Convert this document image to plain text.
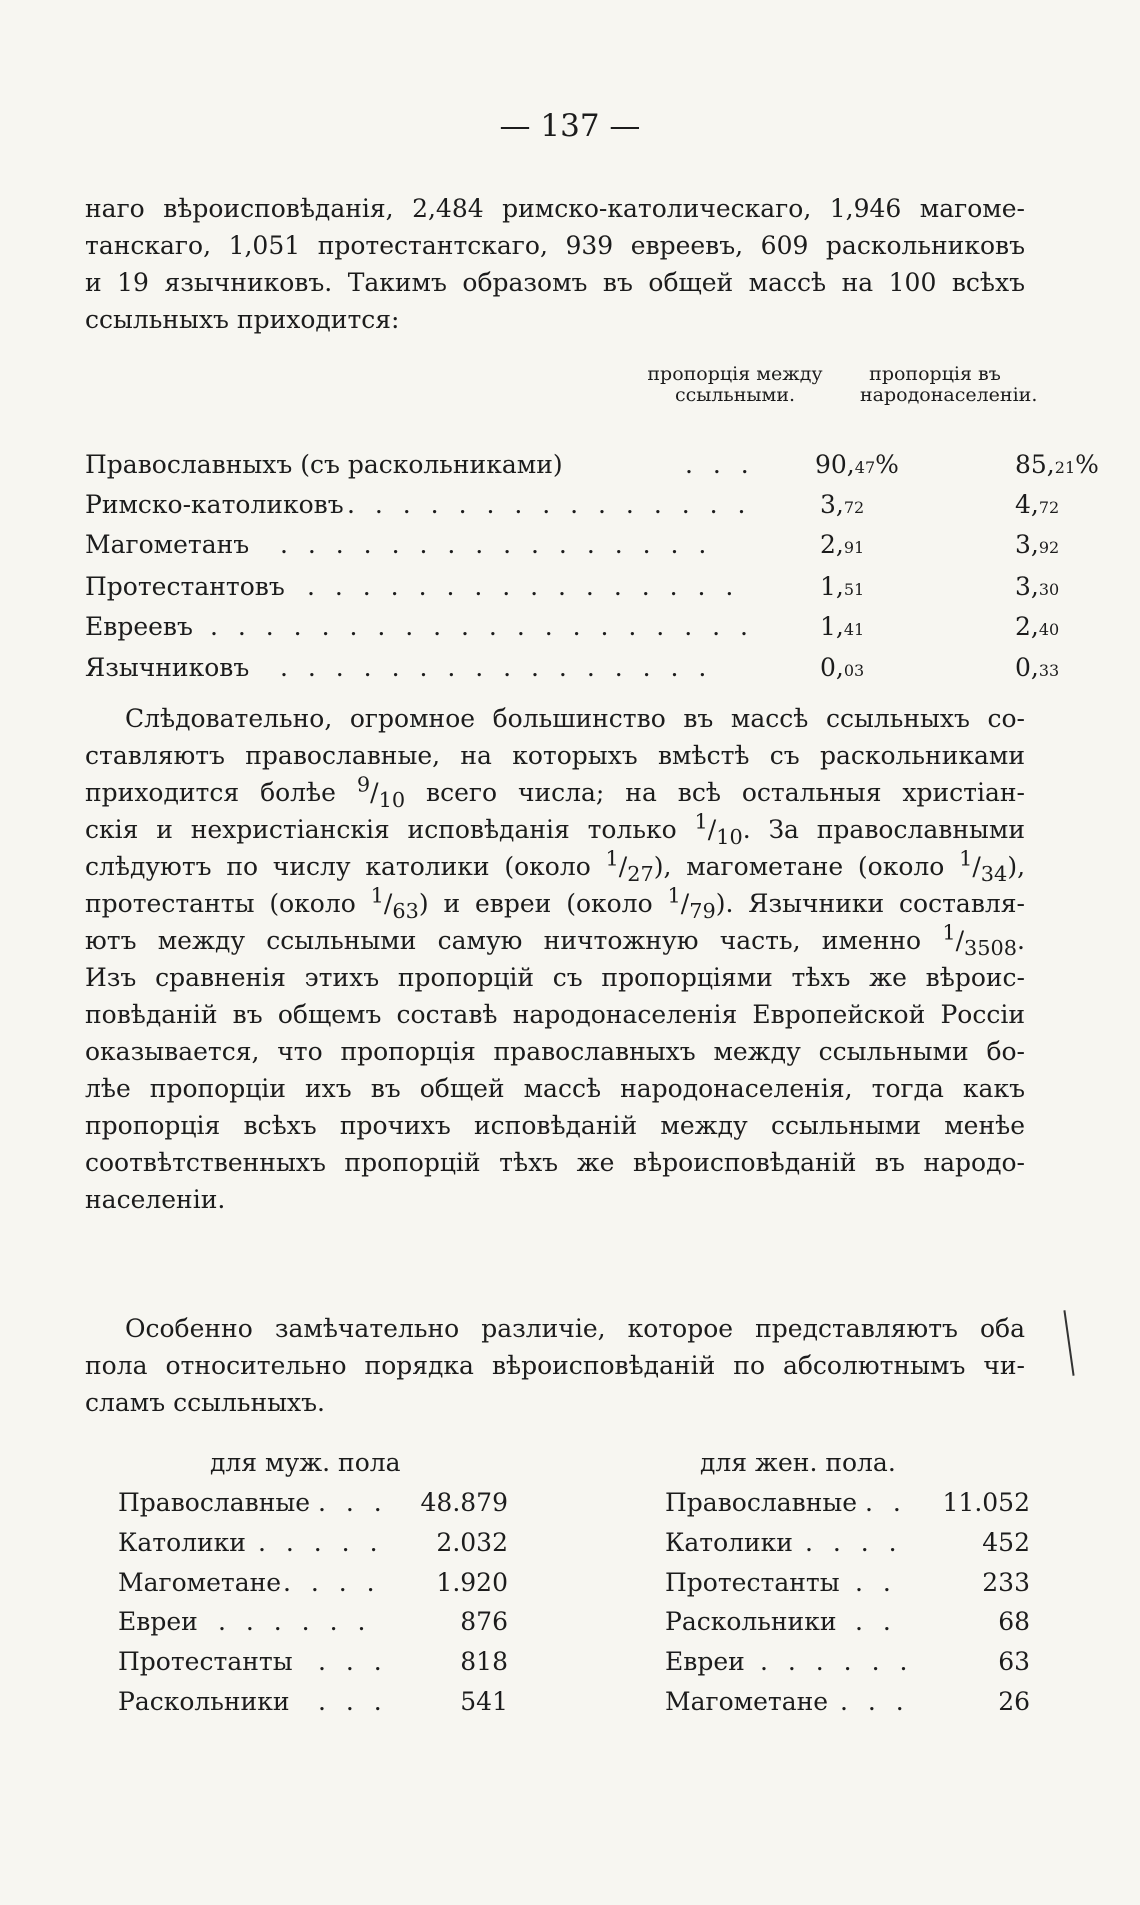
— 137 —
наго вѣроисповѣданія, 2,484 римско-католическаго, 1,946 магоме-
танскаго, 1,051 протестантскаго, 939 евреевъ, 609 раскольниковъ
и 19 язычниковъ. Такимъ образомъ въ общей массѣ на 100 всѣхъ
ссыльныхъ приходится:
пропорція между ссыльными.
пропорція въ народонаселеніи.
Православныхъ (съ раскольниками)	. . . 90,47%	85,21%
Римско-католиковъ . . . . . . . . . . . . . . .	3,72	4,72
Магометанъ . . . . . . . . . . . . . . . .	2,91	3,92
Протестантовъ . . . . . . . . . . . . . . . .	1,51	3,30
Евреевъ . . . . . . . . . . . . . . . . . . . .	1,41	2,40
Язычниковъ . . . . . . . . . . . . . . . .	0,03	0,33
Слѣдовательно, огромное большинство въ массѣ ссыльныхъ со-
ставляютъ православные, на которыхъ вмѣстѣ съ раскольниками
приходится болѣе $^9/_{10}$ всего числа; на всѣ остальныя христіан-
скія и нехристіанскія исповѣданія только $^1/_{10}$. За православными
слѣдуютъ по числу католики (около $^1/_{27}$), магометане (около $^1/_{34}$),
протестанты (около $^1/_{63}$) и евреи (около $^1/_{79}$). Язычники составля-
ютъ между ссыльными самую ничтожную часть, именно $^1/_{3508}$.
Изъ сравненія этихъ пропорцій съ пропорціями тѣхъ же вѣроис-
повѣданій въ общемъ составѣ народонаселенія Европейской Россіи
оказывается, что пропорція православныхъ между ссыльными бо-
лѣе пропорціи ихъ въ общей массѣ народонаселенія, тогда какъ
пропорція всѣхъ прочихъ исповѣданій между ссыльными менѣе
соотвѣтственныхъ пропорцій тѣхъ же вѣроисповѣданій въ народо-
населеніи.
Особенно замѣчательно различіе, которое представляютъ оба
пола относительно порядка вѣроисповѣданій по абсолютнымъ чи-
сламъ ссыльныхъ.
для муж. пола	для жен. пола.
Православные . . . 48.879
Католики . . . . . 2.032
Магометане . . . . 1.920
Евреи . . . . . .	876
Протестанты . . .	818
Раскольники . . .	541
Православные . . 11.052
Католики . . . .	452
Протестанты . .	233
Раскольники . .	68
Евреи . . . . . .	63
Магометане . . .	26
